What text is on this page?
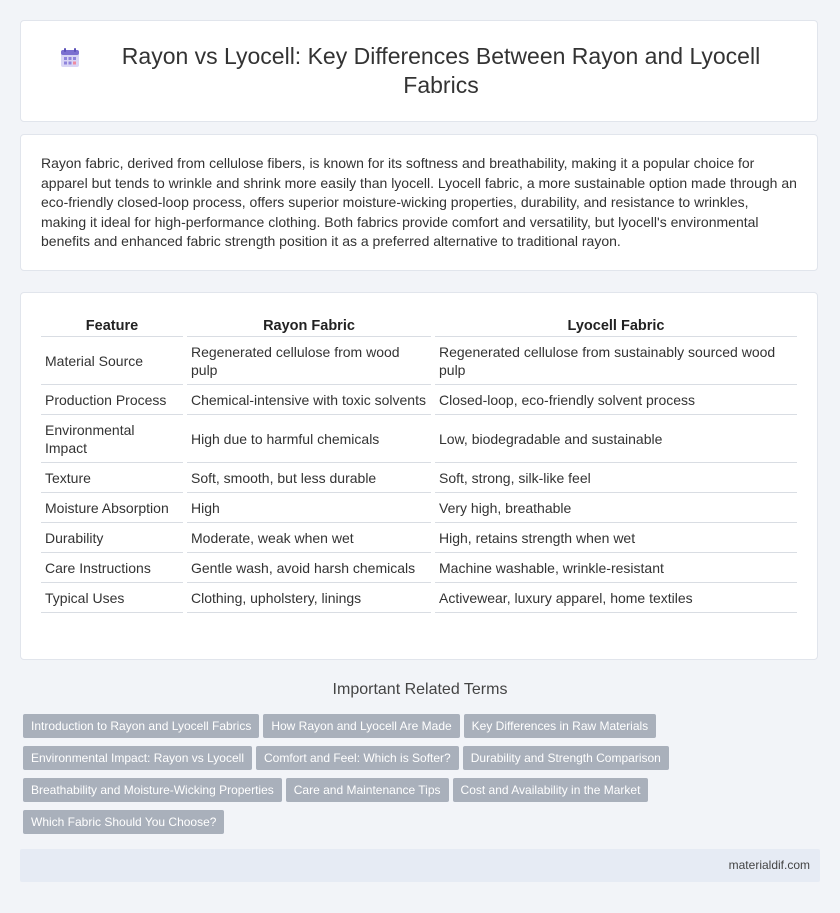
Rayon vs Lyocell: Key Differences Between Rayon and Lyocell Fabrics

Rayon fabric, derived from cellulose fibers, is known for its softness and breathability, making it a popular choice for apparel but tends to wrinkle and shrink more easily than lyocell. Lyocell fabric, a more sustainable option made through an eco-friendly closed-loop process, offers superior moisture-wicking properties, durability, and resistance to wrinkles, making it ideal for high-performance clothing. Both fabrics provide comfort and versatility, but lyocell's environmental benefits and enhanced fabric strength position it as a preferred alternative to traditional rayon.

Feature	Rayon Fabric	Lyocell Fabric
Material Source	Regenerated cellulose from wood pulp	Regenerated cellulose from sustainably sourced wood pulp
Production Process	Chemical-intensive with toxic solvents	Closed-loop, eco-friendly solvent process
Environmental Impact	High due to harmful chemicals	Low, biodegradable and sustainable
Texture	Soft, smooth, but less durable	Soft, strong, silk-like feel
Moisture Absorption	High	Very high, breathable
Durability	Moderate, weak when wet	High, retains strength when wet
Care Instructions	Gentle wash, avoid harsh chemicals	Machine washable, wrinkle-resistant
Typical Uses	Clothing, upholstery, linings	Activewear, luxury apparel, home textiles
Important Related Terms
Introduction to Rayon and Lyocell Fabrics How Rayon and Lyocell Are Made Key Differences in Raw Materials
Environmental Impact: Rayon vs Lyocell Comfort and Feel: Which is Softer? Durability and Strength Comparison
Breathability and Moisture-Wicking Properties Care and Maintenance Tips Cost and Availability in the Market
Which Fabric Should You Choose?
materialdif.com
